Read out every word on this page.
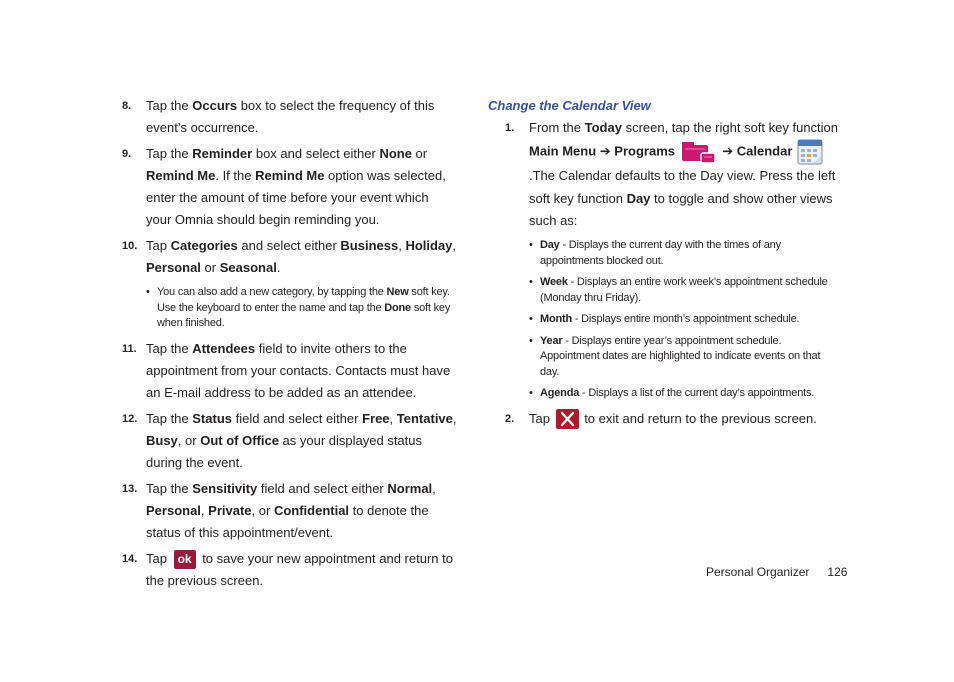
8. Tap the Occurs box to select the frequency of this event’s occurrence.
9. Tap the Reminder box and select either None or Remind Me. If the Remind Me option was selected, enter the amount of time before your event which your Omnia should begin reminding you.
10. Tap Categories and select either Business, Holiday, Personal or Seasonal.
• You can also add a new category, by tapping the New soft key. Use the keyboard to enter the name and tap the Done soft key when finished.
11. Tap the Attendees field to invite others to the appointment from your contacts. Contacts must have an E-mail address to be added as an attendee.
12. Tap the Status field and select either Free, Tentative, Busy, or Out of Office as your displayed status during the event.
13. Tap the Sensitivity field and select either Normal, Personal, Private, or Confidential to denote the status of this appointment/event.
14. Tap ok to save your new appointment and return to the previous screen.
Change the Calendar View
1. From the Today screen, tap the right soft key function Main Menu ➔ Programs	➔ Calendar .The Calendar defaults to the Day view. Press the left soft key function Day to toggle and show other views such as:
• Day - Displays the current day with the times of any appointments blocked out.
• Week - Displays an entire work week’s appointment schedule (Monday thru Friday).
• Month - Displays entire month’s appointment schedule.
• Year - Displays entire year’s appointment schedule. Appointment dates are highlighted to indicate events on that day.
• Agenda - Displays a list of the current day’s appointments.
2. Tap
to exit and return to the previous screen.
Personal Organizer 126
